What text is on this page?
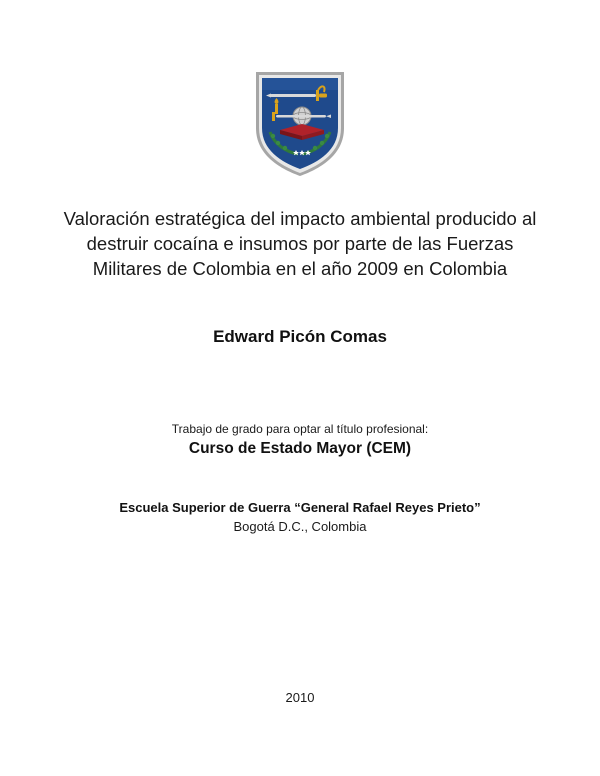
Valoración estratégica del impacto ambiental producido al destruir cocaína e insumos por parte de las Fuerzas Militares de Colombia en el año 2009 en Colombia
Edward Picón Comas
Trabajo de grado para optar al título profesional:
Curso de Estado Mayor (CEM)
Escuela Superior de Guerra “General Rafael Reyes Prieto”
Bogotá D.C., Colombia
2010
